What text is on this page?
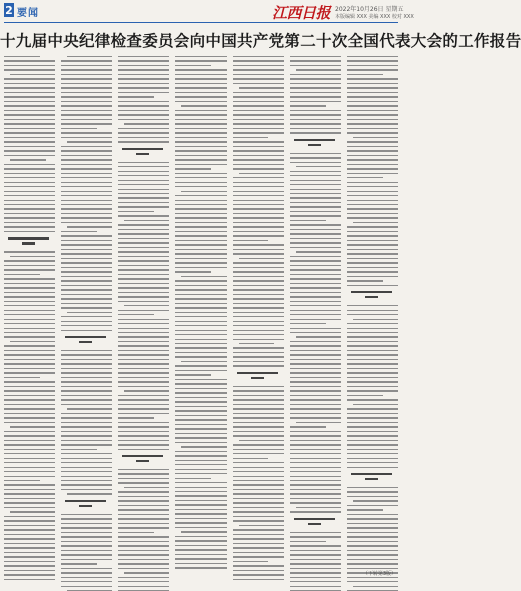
2 要闻	江西日报 2022年10月26日 星期五
本版编辑 XXX 美编 XXX 校对 XXX
十九届中央纪律检查委员会向中国共产党第二十次全国代表大会的工作报告
（下转第3版）
